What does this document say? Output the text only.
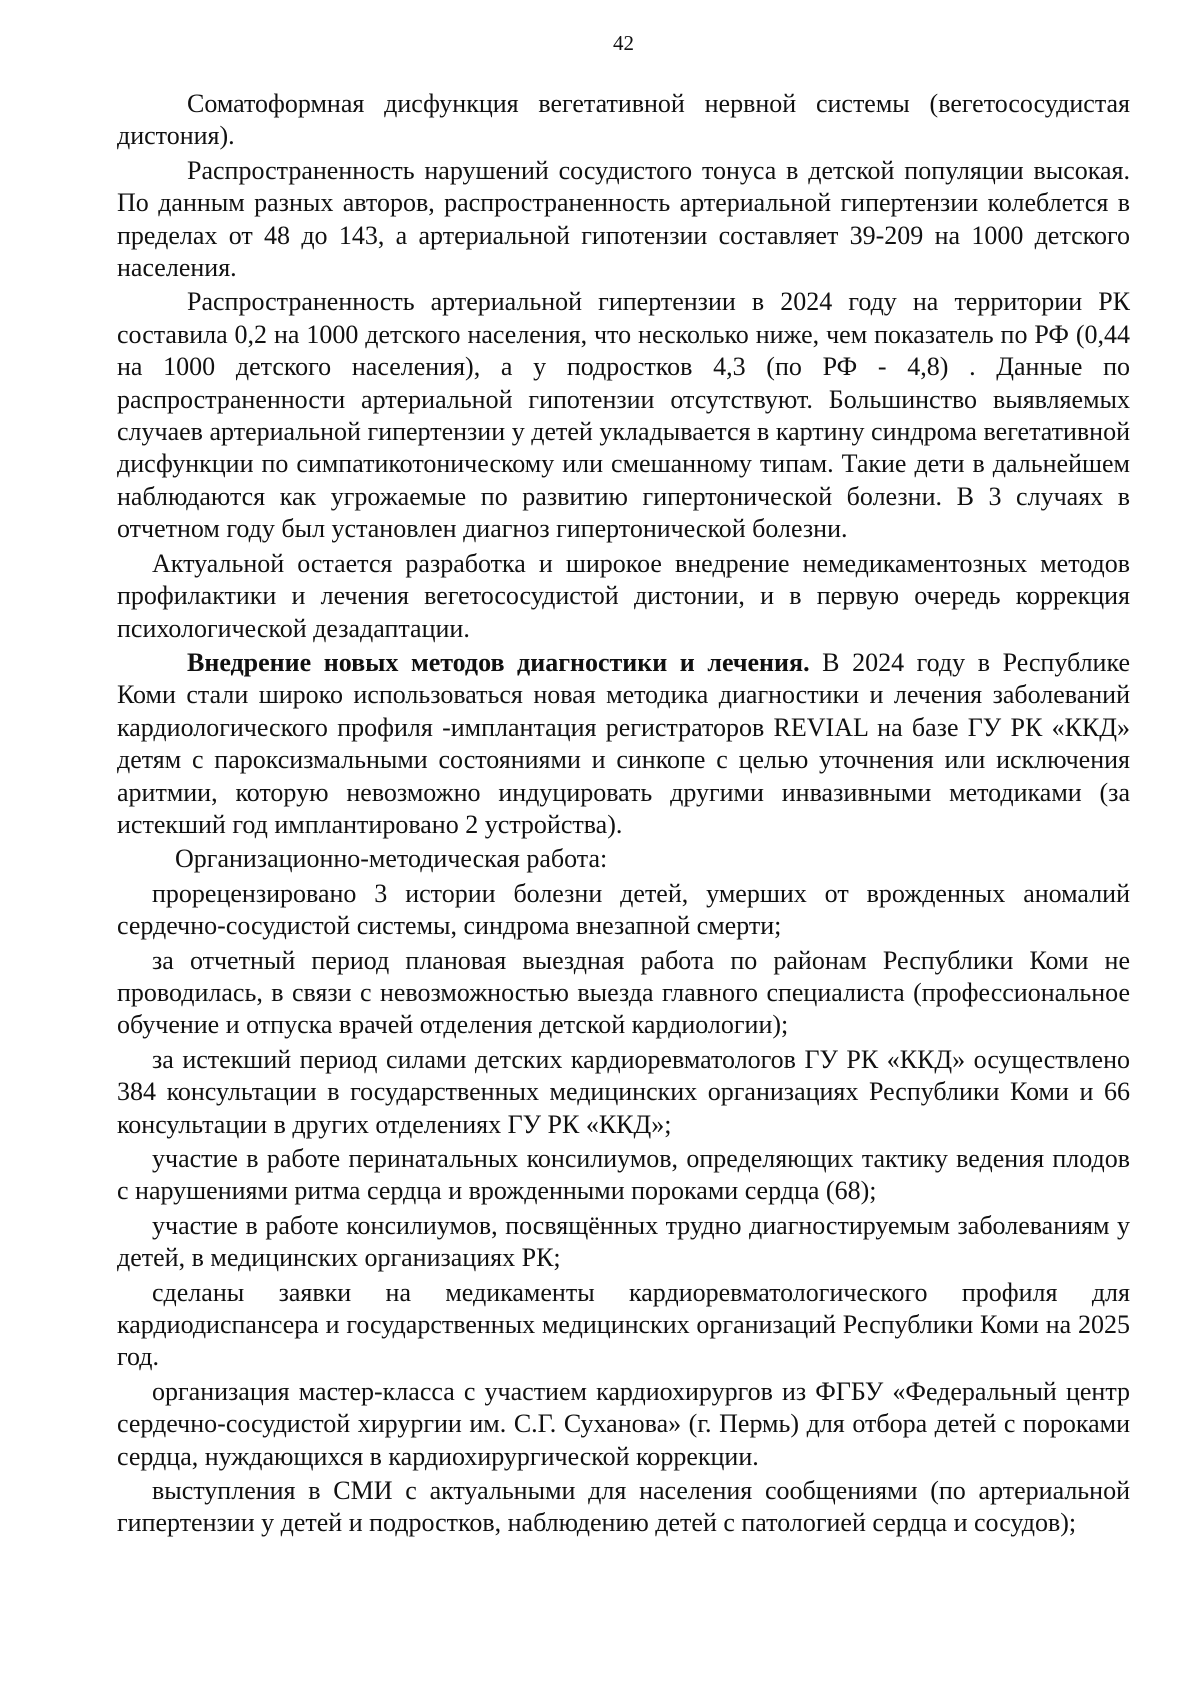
42

Соматоформная дисфункция вегетативной нервной системы (вегетососудистая дистония).

Распространенность нарушений сосудистого тонуса в детской популяции высокая. По данным разных авторов, распространенность артериальной гипертензии колеблется в пределах от 48 до 143, а артериальной гипотензии составляет 39-209 на 1000 детского населения.

Распространенность артериальной гипертензии в 2024 году на территории РК составила 0,2 на 1000 детского населения, что несколько ниже, чем показатель по РФ (0,44 на 1000 детского населения), а у подростков 4,3 (по РФ - 4,8) . Данные по распространенности артериальной гипотензии отсутствуют. Большинство выявляемых случаев артериальной гипертензии у детей укладывается в картину синдрома вегетативной дисфункции по симпатикотоническому или смешанному типам. Такие дети в дальнейшем наблюдаются как угрожаемые по развитию гипертонической болезни. В 3 случаях в отчетном году был установлен диагноз гипертонической болезни.

Актуальной остается разработка и широкое внедрение немедикаментозных методов профилактики и лечения вегетососудистой дистонии, и в первую очередь коррекция психологической дезадаптации.

Внедрение новых методов диагностики и лечения. В 2024 году в Республике Коми стали широко использоваться новая методика диагностики и лечения заболеваний кардиологического профиля -имплантация регистраторов REVIAL на базе ГУ РК «ККД» детям с пароксизмальными состояниями и синкопе с целью уточнения или исключения аритмии, которую невозможно индуцировать другими инвазивными методиками (за истекший год имплантировано 2 устройства).

Организационно-методическая работа:

прорецензировано 3 истории болезни детей, умерших от врожденных аномалий сердечно-сосудистой системы, синдрома внезапной смерти;

за отчетный период плановая выездная работа по районам Республики Коми не проводилась, в связи с невозможностью выезда главного специалиста (профессиональное обучение и отпуска врачей отделения детской кардиологии);

за истекший период силами детских кардиоревматологов ГУ РК «ККД» осуществлено 384 консультации в государственных медицинских организациях Республики Коми и 66 консультации в других отделениях ГУ РК «ККД»;

участие в работе перинатальных консилиумов, определяющих тактику ведения плодов с нарушениями ритма сердца и врожденными пороками сердца (68);

участие в работе консилиумов, посвящённых трудно диагностируемым заболеваниям у детей, в медицинских организациях РК;

сделаны заявки на медикаменты кардиоревматологического профиля для кардиодиспансера и государственных медицинских организаций Республики Коми на 2025 год.

организация мастер-класса с участием кардиохирургов из ФГБУ «Федеральный центр сердечно-сосудистой хирургии им. С.Г. Суханова» (г. Пермь) для отбора детей с пороками сердца, нуждающихся в кардиохирургической коррекции.

выступления в СМИ с актуальными для населения сообщениями (по артериальной гипертензии у детей и подростков, наблюдению детей с патологией сердца и сосудов);
